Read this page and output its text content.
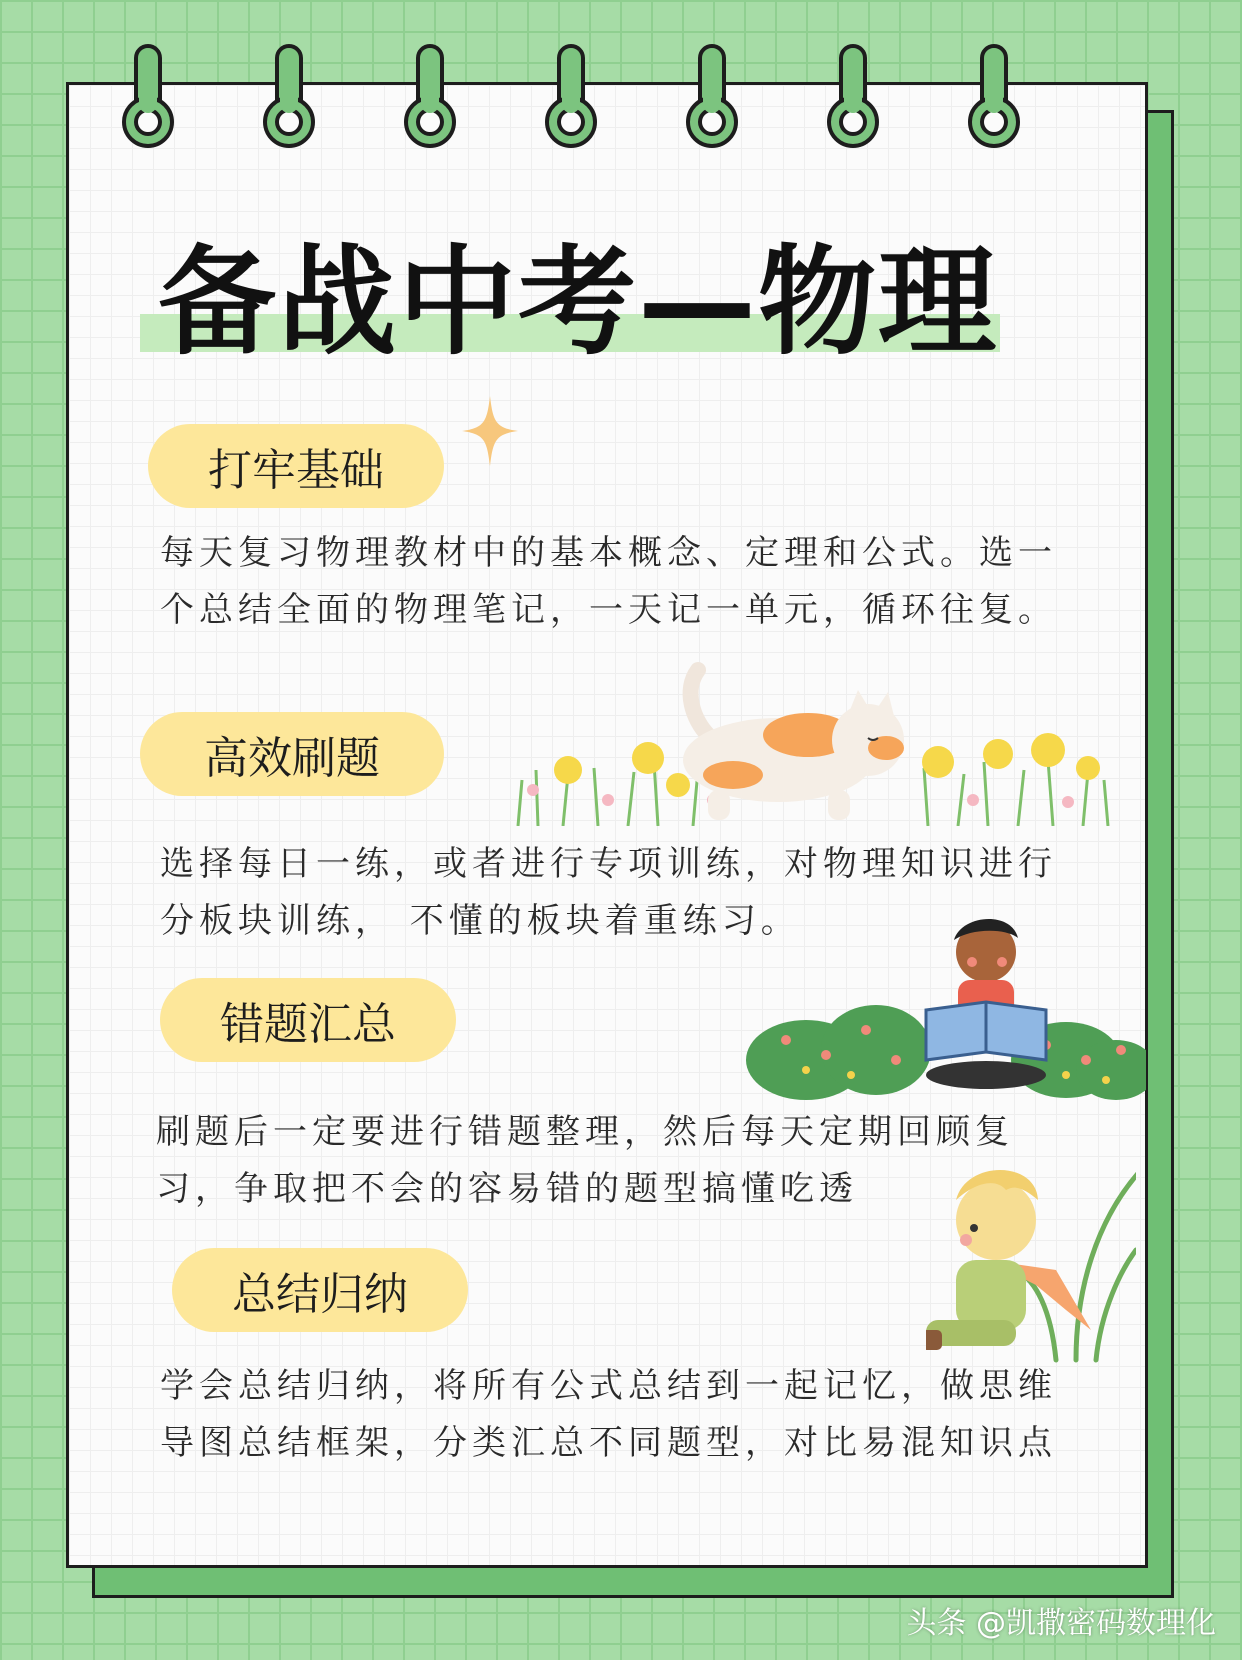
备战中考—物理
打牢基础

每天复习物理教材中的基本概念、定理和公式。选一个总结全面的物理笔记，一天记一单元，循环往复。

高效刷题

选择每日一练，或者进行专项训练，对物理知识进行分板块训练， 不懂的板块着重练习。

错题汇总

刷题后一定要进行错题整理，然后每天定期回顾复习，争取把不会的容易错的题型搞懂吃透

总结归纳

学会总结归纳，将所有公式总结到一起记忆，做思维导图总结框架，分类汇总不同题型，对比易混知识点

头条 @凯撒密码数理化
